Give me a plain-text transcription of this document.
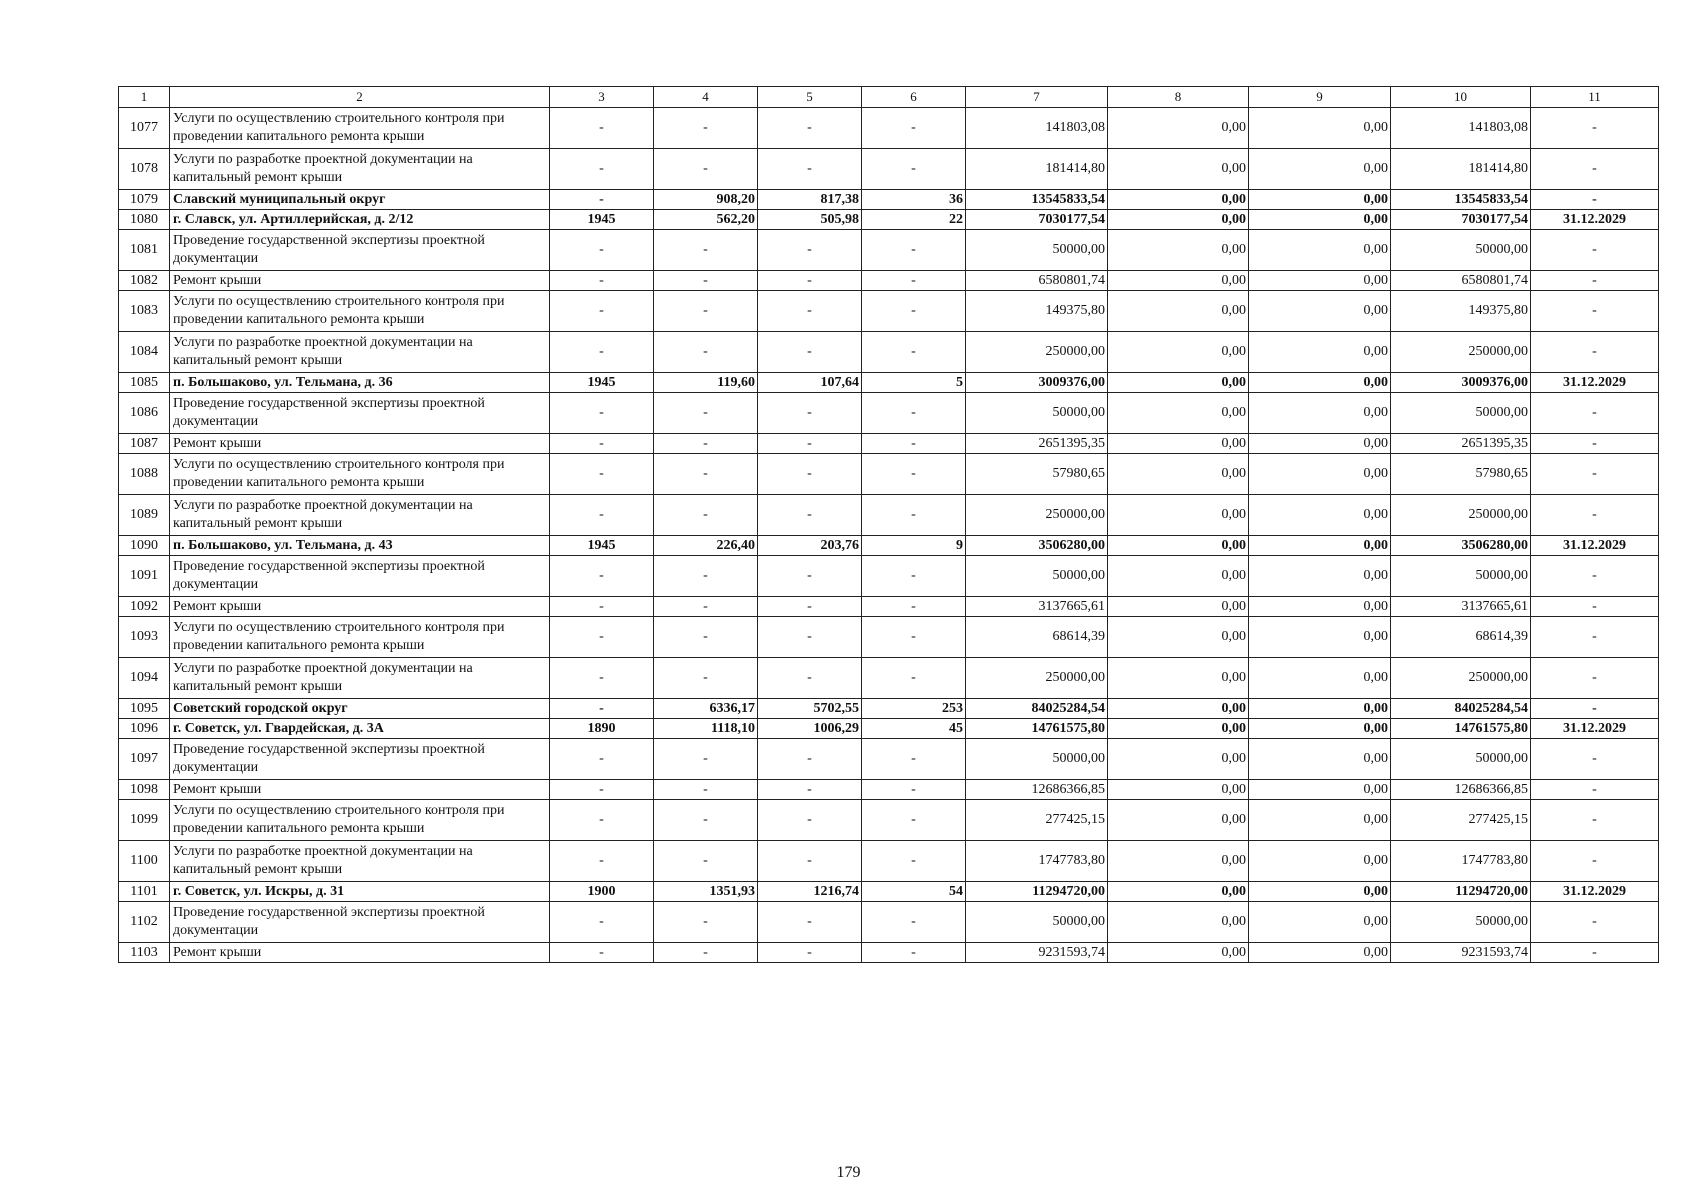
1	2	3	4	5	6	7	8	9	10	11
1077	Услуги по осуществлению строительного контроля при проведении капитального ремонта крыши	-	-	-	-	141803,08	0,00	0,00	141803,08	-
1078	Услуги по разработке проектной документации на капитальный ремонт крыши	-	-	-	-	181414,80	0,00	0,00	181414,80	-
1079	Славский муниципальный округ	-	908,20	817,38	36	13545833,54	0,00	0,00	13545833,54	-
1080	г. Славск, ул. Артиллерийская, д. 2/12	1945	562,20	505,98	22	7030177,54	0,00	0,00	7030177,54	31.12.2029
1081	Проведение государственной экспертизы проектной документации	-	-	-	-	50000,00	0,00	0,00	50000,00	-
1082	Ремонт крыши	-	-	-	-	6580801,74	0,00	0,00	6580801,74	-
1083	Услуги по осуществлению строительного контроля при проведении капитального ремонта крыши	-	-	-	-	149375,80	0,00	0,00	149375,80	-
1084	Услуги по разработке проектной документации на капитальный ремонт крыши	-	-	-	-	250000,00	0,00	0,00	250000,00	-
1085	п. Большаково, ул. Тельмана, д. 36	1945	119,60	107,64	5	3009376,00	0,00	0,00	3009376,00	31.12.2029
1086	Проведение государственной экспертизы проектной документации	-	-	-	-	50000,00	0,00	0,00	50000,00	-
1087	Ремонт крыши	-	-	-	-	2651395,35	0,00	0,00	2651395,35	-
1088	Услуги по осуществлению строительного контроля при проведении капитального ремонта крыши	-	-	-	-	57980,65	0,00	0,00	57980,65	-
1089	Услуги по разработке проектной документации на капитальный ремонт крыши	-	-	-	-	250000,00	0,00	0,00	250000,00	-
1090	п. Большаково, ул. Тельмана, д. 43	1945	226,40	203,76	9	3506280,00	0,00	0,00	3506280,00	31.12.2029
1091	Проведение государственной экспертизы проектной документации	-	-	-	-	50000,00	0,00	0,00	50000,00	-
1092	Ремонт крыши	-	-	-	-	3137665,61	0,00	0,00	3137665,61	-
1093	Услуги по осуществлению строительного контроля при проведении капитального ремонта крыши	-	-	-	-	68614,39	0,00	0,00	68614,39	-
1094	Услуги по разработке проектной документации на капитальный ремонт крыши	-	-	-	-	250000,00	0,00	0,00	250000,00	-
1095	Советский городской округ	-	6336,17	5702,55	253	84025284,54	0,00	0,00	84025284,54	-
1096	г. Советск, ул. Гвардейская, д. 3А	1890	1118,10	1006,29	45	14761575,80	0,00	0,00	14761575,80	31.12.2029
1097	Проведение государственной экспертизы проектной документации	-	-	-	-	50000,00	0,00	0,00	50000,00	-
1098	Ремонт крыши	-	-	-	-	12686366,85	0,00	0,00	12686366,85	-
1099	Услуги по осуществлению строительного контроля при проведении капитального ремонта крыши	-	-	-	-	277425,15	0,00	0,00	277425,15	-
1100	Услуги по разработке проектной документации на капитальный ремонт крыши	-	-	-	-	1747783,80	0,00	0,00	1747783,80	-
1101	г. Советск, ул. Искры, д. 31	1900	1351,93	1216,74	54	11294720,00	0,00	0,00	11294720,00	31.12.2029
1102	Проведение государственной экспертизы проектной документации	-	-	-	-	50000,00	0,00	0,00	50000,00	-
1103	Ремонт крыши	-	-	-	-	9231593,74	0,00	0,00	9231593,74	-
179
